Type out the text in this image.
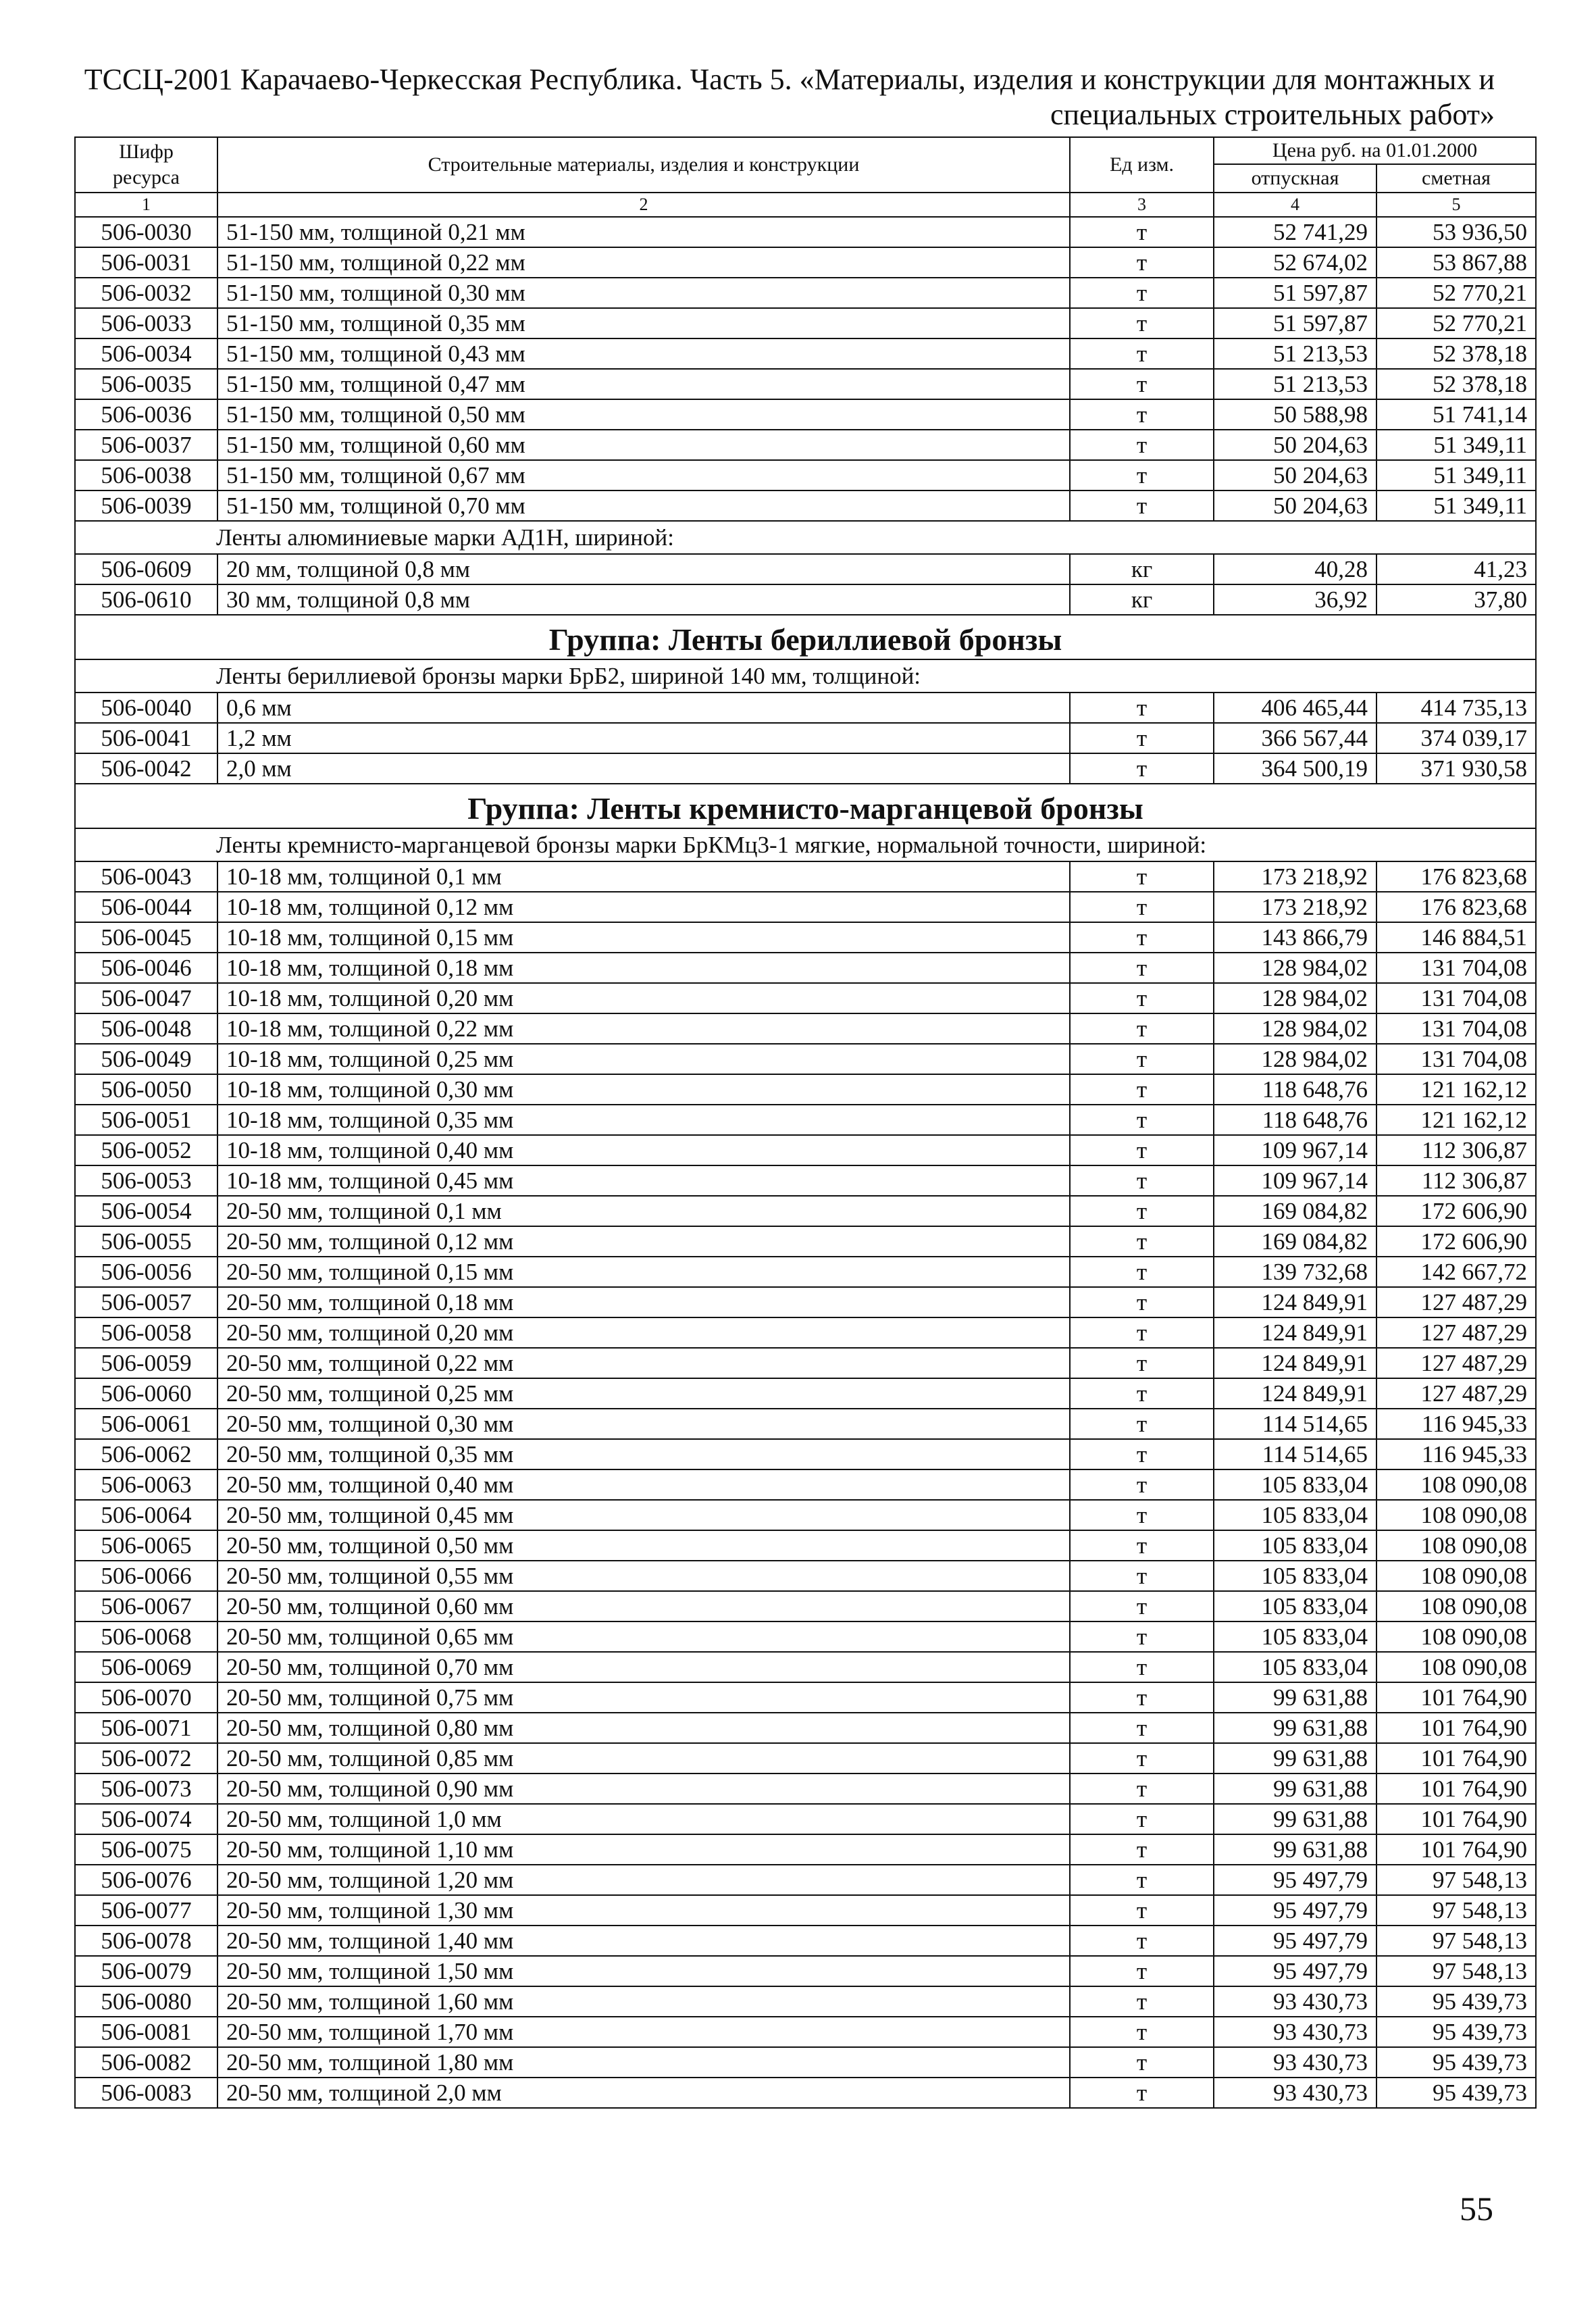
ТССЦ-2001 Карачаево-Черкесская Республика. Часть 5. «Материалы, изделия и конструкции для монтажных и
специальных строительных работ»
Шифр ресурса	Строительные материалы, изделия и конструкции	Ед изм.	Цена руб. на 01.01.2000	
			отпускная	сметная
1	2	3	4	5
506-0030	51-150 мм, толщиной 0,21 мм	т	52 741,29	53 936,50
506-0031	51-150 мм, толщиной 0,22 мм	т	52 674,02	53 867,88
506-0032	51-150 мм, толщиной 0,30 мм	т	51 597,87	52 770,21
506-0033	51-150 мм, толщиной 0,35 мм	т	51 597,87	52 770,21
506-0034	51-150 мм, толщиной 0,43 мм	т	51 213,53	52 378,18
506-0035	51-150 мм, толщиной 0,47 мм	т	51 213,53	52 378,18
506-0036	51-150 мм, толщиной 0,50 мм	т	50 588,98	51 741,14
506-0037	51-150 мм, толщиной 0,60 мм	т	50 204,63	51 349,11
506-0038	51-150 мм, толщиной 0,67 мм	т	50 204,63	51 349,11
506-0039	51-150 мм, толщиной 0,70 мм	т	50 204,63	51 349,11
Ленты алюминиевые марки АД1Н, шириной:				
506-0609	20 мм, толщиной 0,8 мм	кг	40,28	41,23
506-0610	30 мм, толщиной 0,8 мм	кг	36,92	37,80
Группа: Ленты бериллиевой бронзы				
Ленты бериллиевой бронзы марки БрБ2, шириной 140 мм, толщиной:				
506-0040	0,6 мм	т	406 465,44	414 735,13
506-0041	1,2 мм	т	366 567,44	374 039,17
506-0042	2,0 мм	т	364 500,19	371 930,58
Группа: Ленты кремнисто-марганцевой бронзы				
Ленты кремнисто-марганцевой бронзы марки БрКМц3-1 мягкие, нормальной точности, шириной:				
506-0043	10-18 мм, толщиной 0,1 мм	т	173 218,92	176 823,68
506-0044	10-18 мм, толщиной 0,12 мм	т	173 218,92	176 823,68
506-0045	10-18 мм, толщиной 0,15 мм	т	143 866,79	146 884,51
506-0046	10-18 мм, толщиной 0,18 мм	т	128 984,02	131 704,08
506-0047	10-18 мм, толщиной 0,20 мм	т	128 984,02	131 704,08
506-0048	10-18 мм, толщиной 0,22 мм	т	128 984,02	131 704,08
506-0049	10-18 мм, толщиной 0,25 мм	т	128 984,02	131 704,08
506-0050	10-18 мм, толщиной 0,30 мм	т	118 648,76	121 162,12
506-0051	10-18 мм, толщиной 0,35 мм	т	118 648,76	121 162,12
506-0052	10-18 мм, толщиной 0,40 мм	т	109 967,14	112 306,87
506-0053	10-18 мм, толщиной 0,45 мм	т	109 967,14	112 306,87
506-0054	20-50 мм, толщиной 0,1 мм	т	169 084,82	172 606,90
506-0055	20-50 мм, толщиной 0,12 мм	т	169 084,82	172 606,90
506-0056	20-50 мм, толщиной 0,15 мм	т	139 732,68	142 667,72
506-0057	20-50 мм, толщиной 0,18 мм	т	124 849,91	127 487,29
506-0058	20-50 мм, толщиной 0,20 мм	т	124 849,91	127 487,29
506-0059	20-50 мм, толщиной 0,22 мм	т	124 849,91	127 487,29
506-0060	20-50 мм, толщиной 0,25 мм	т	124 849,91	127 487,29
506-0061	20-50 мм, толщиной 0,30 мм	т	114 514,65	116 945,33
506-0062	20-50 мм, толщиной 0,35 мм	т	114 514,65	116 945,33
506-0063	20-50 мм, толщиной 0,40 мм	т	105 833,04	108 090,08
506-0064	20-50 мм, толщиной 0,45 мм	т	105 833,04	108 090,08
506-0065	20-50 мм, толщиной 0,50 мм	т	105 833,04	108 090,08
506-0066	20-50 мм, толщиной 0,55 мм	т	105 833,04	108 090,08
506-0067	20-50 мм, толщиной 0,60 мм	т	105 833,04	108 090,08
506-0068	20-50 мм, толщиной 0,65 мм	т	105 833,04	108 090,08
506-0069	20-50 мм, толщиной 0,70 мм	т	105 833,04	108 090,08
506-0070	20-50 мм, толщиной 0,75 мм	т	99 631,88	101 764,90
506-0071	20-50 мм, толщиной 0,80 мм	т	99 631,88	101 764,90
506-0072	20-50 мм, толщиной 0,85 мм	т	99 631,88	101 764,90
506-0073	20-50 мм, толщиной 0,90 мм	т	99 631,88	101 764,90
506-0074	20-50 мм, толщиной 1,0 мм	т	99 631,88	101 764,90
506-0075	20-50 мм, толщиной 1,10 мм	т	99 631,88	101 764,90
506-0076	20-50 мм, толщиной 1,20 мм	т	95 497,79	97 548,13
506-0077	20-50 мм, толщиной 1,30 мм	т	95 497,79	97 548,13
506-0078	20-50 мм, толщиной 1,40 мм	т	95 497,79	97 548,13
506-0079	20-50 мм, толщиной 1,50 мм	т	95 497,79	97 548,13
506-0080	20-50 мм, толщиной 1,60 мм	т	93 430,73	95 439,73
506-0081	20-50 мм, толщиной 1,70 мм	т	93 430,73	95 439,73
506-0082	20-50 мм, толщиной 1,80 мм	т	93 430,73	95 439,73
506-0083	20-50 мм, толщиной 2,0 мм	т	93 430,73	95 439,73
55
